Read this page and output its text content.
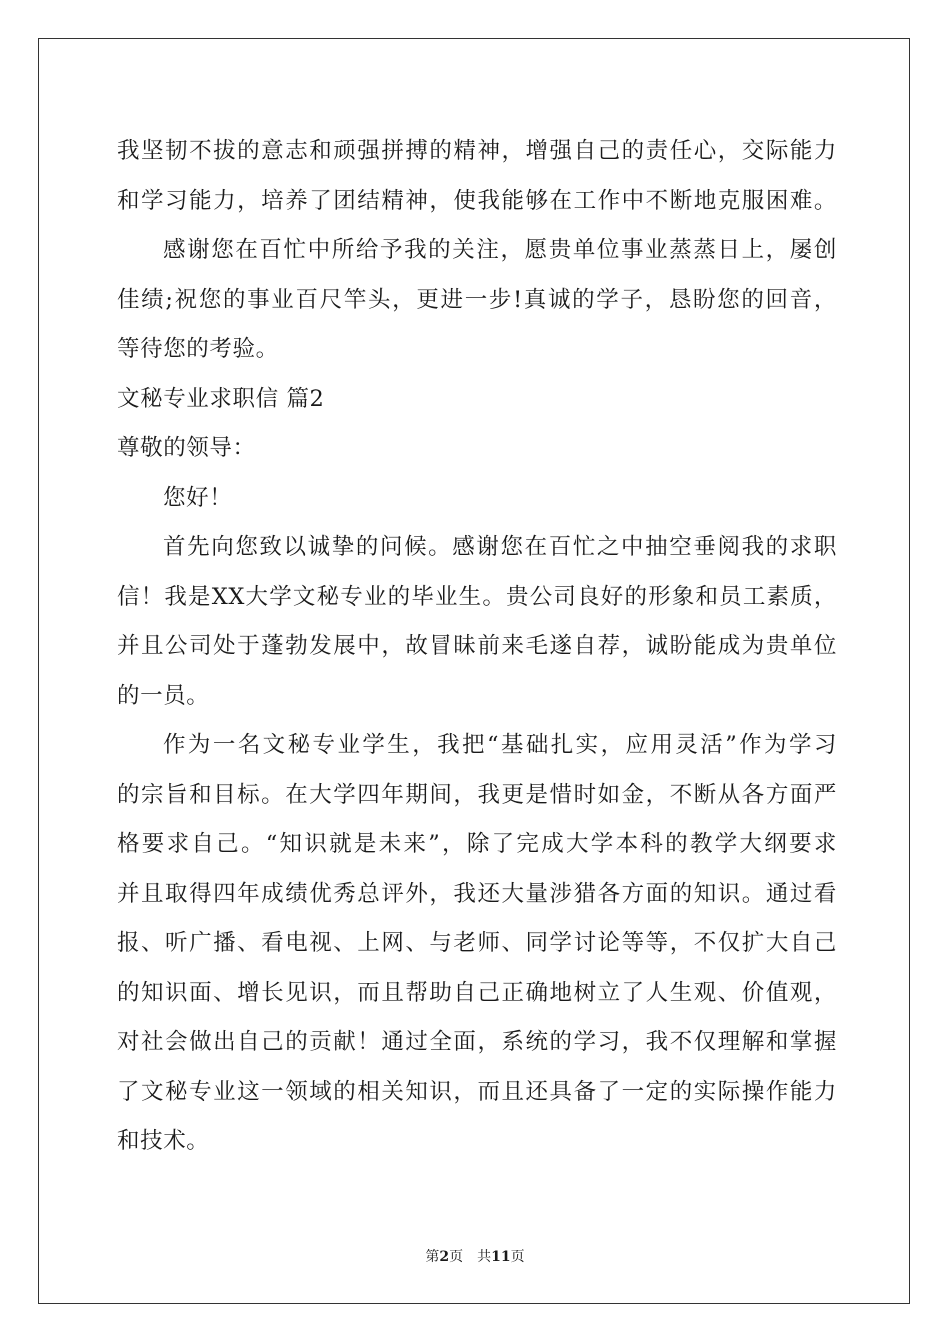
我坚韧不拔的意志和顽强拼搏的精神，增强自己的责任心，交际能力
和学习能力，培养了团结精神，使我能够在工作中不断地克服困难。
感谢您在百忙中所给予我的关注，愿贵单位事业蒸蒸日上，屡创
佳绩;祝您的事业百尺竿头，更进一步!真诚的学子，恳盼您的回音，
等待您的考验。
文秘专业求职信 篇2
尊敬的领导：
您好！
首先向您致以诚挚的问候。感谢您在百忙之中抽空垂阅我的求职
信！我是XX大学文秘专业的毕业生。贵公司良好的形象和员工素质，
并且公司处于蓬勃发展中，故冒昧前来毛遂自荐，诚盼能成为贵单位
的一员。
作为一名文秘专业学生，我把“基础扎实，应用灵活”作为学习
的宗旨和目标。在大学四年期间，我更是惜时如金，不断从各方面严
格要求自己。“知识就是未来”，除了完成大学本科的教学大纲要求
并且取得四年成绩优秀总评外，我还大量涉猎各方面的知识。通过看
报、听广播、看电视、上网、与老师、同学讨论等等，不仅扩大自己
的知识面、增长见识，而且帮助自己正确地树立了人生观、价值观，
对社会做出自己的贡献！通过全面，系统的学习，我不仅理解和掌握
了文秘专业这一领域的相关知识，而且还具备了一定的实际操作能力
和技术。
第2页 共11页
